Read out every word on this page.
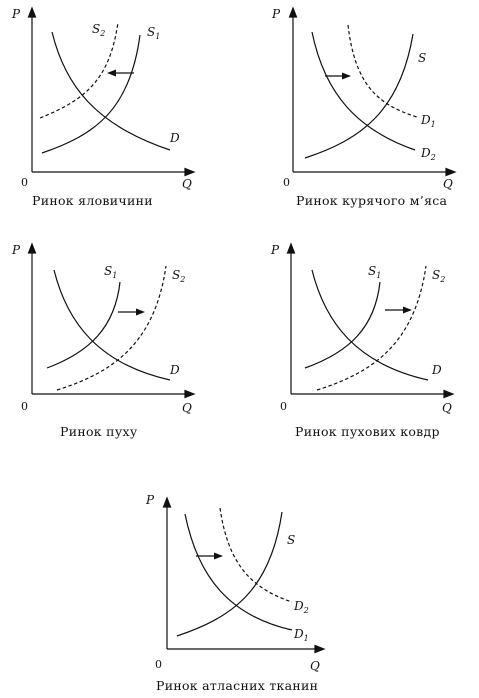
P
Q
0
$S_1$
$S_2$
D
Ринок яловичини
P
Q
0
S
$D_1$
$D_2$
Ринок курячого м’яса
P
Q
0
$S_1$	$S_2$
D
Ринок пуху
P
Q
0
$S_1$	$S_2$
D
Ринок пухових ковдр
P
Q
0
S
$D_2$
$D_1$
Ринок атласних тканин
